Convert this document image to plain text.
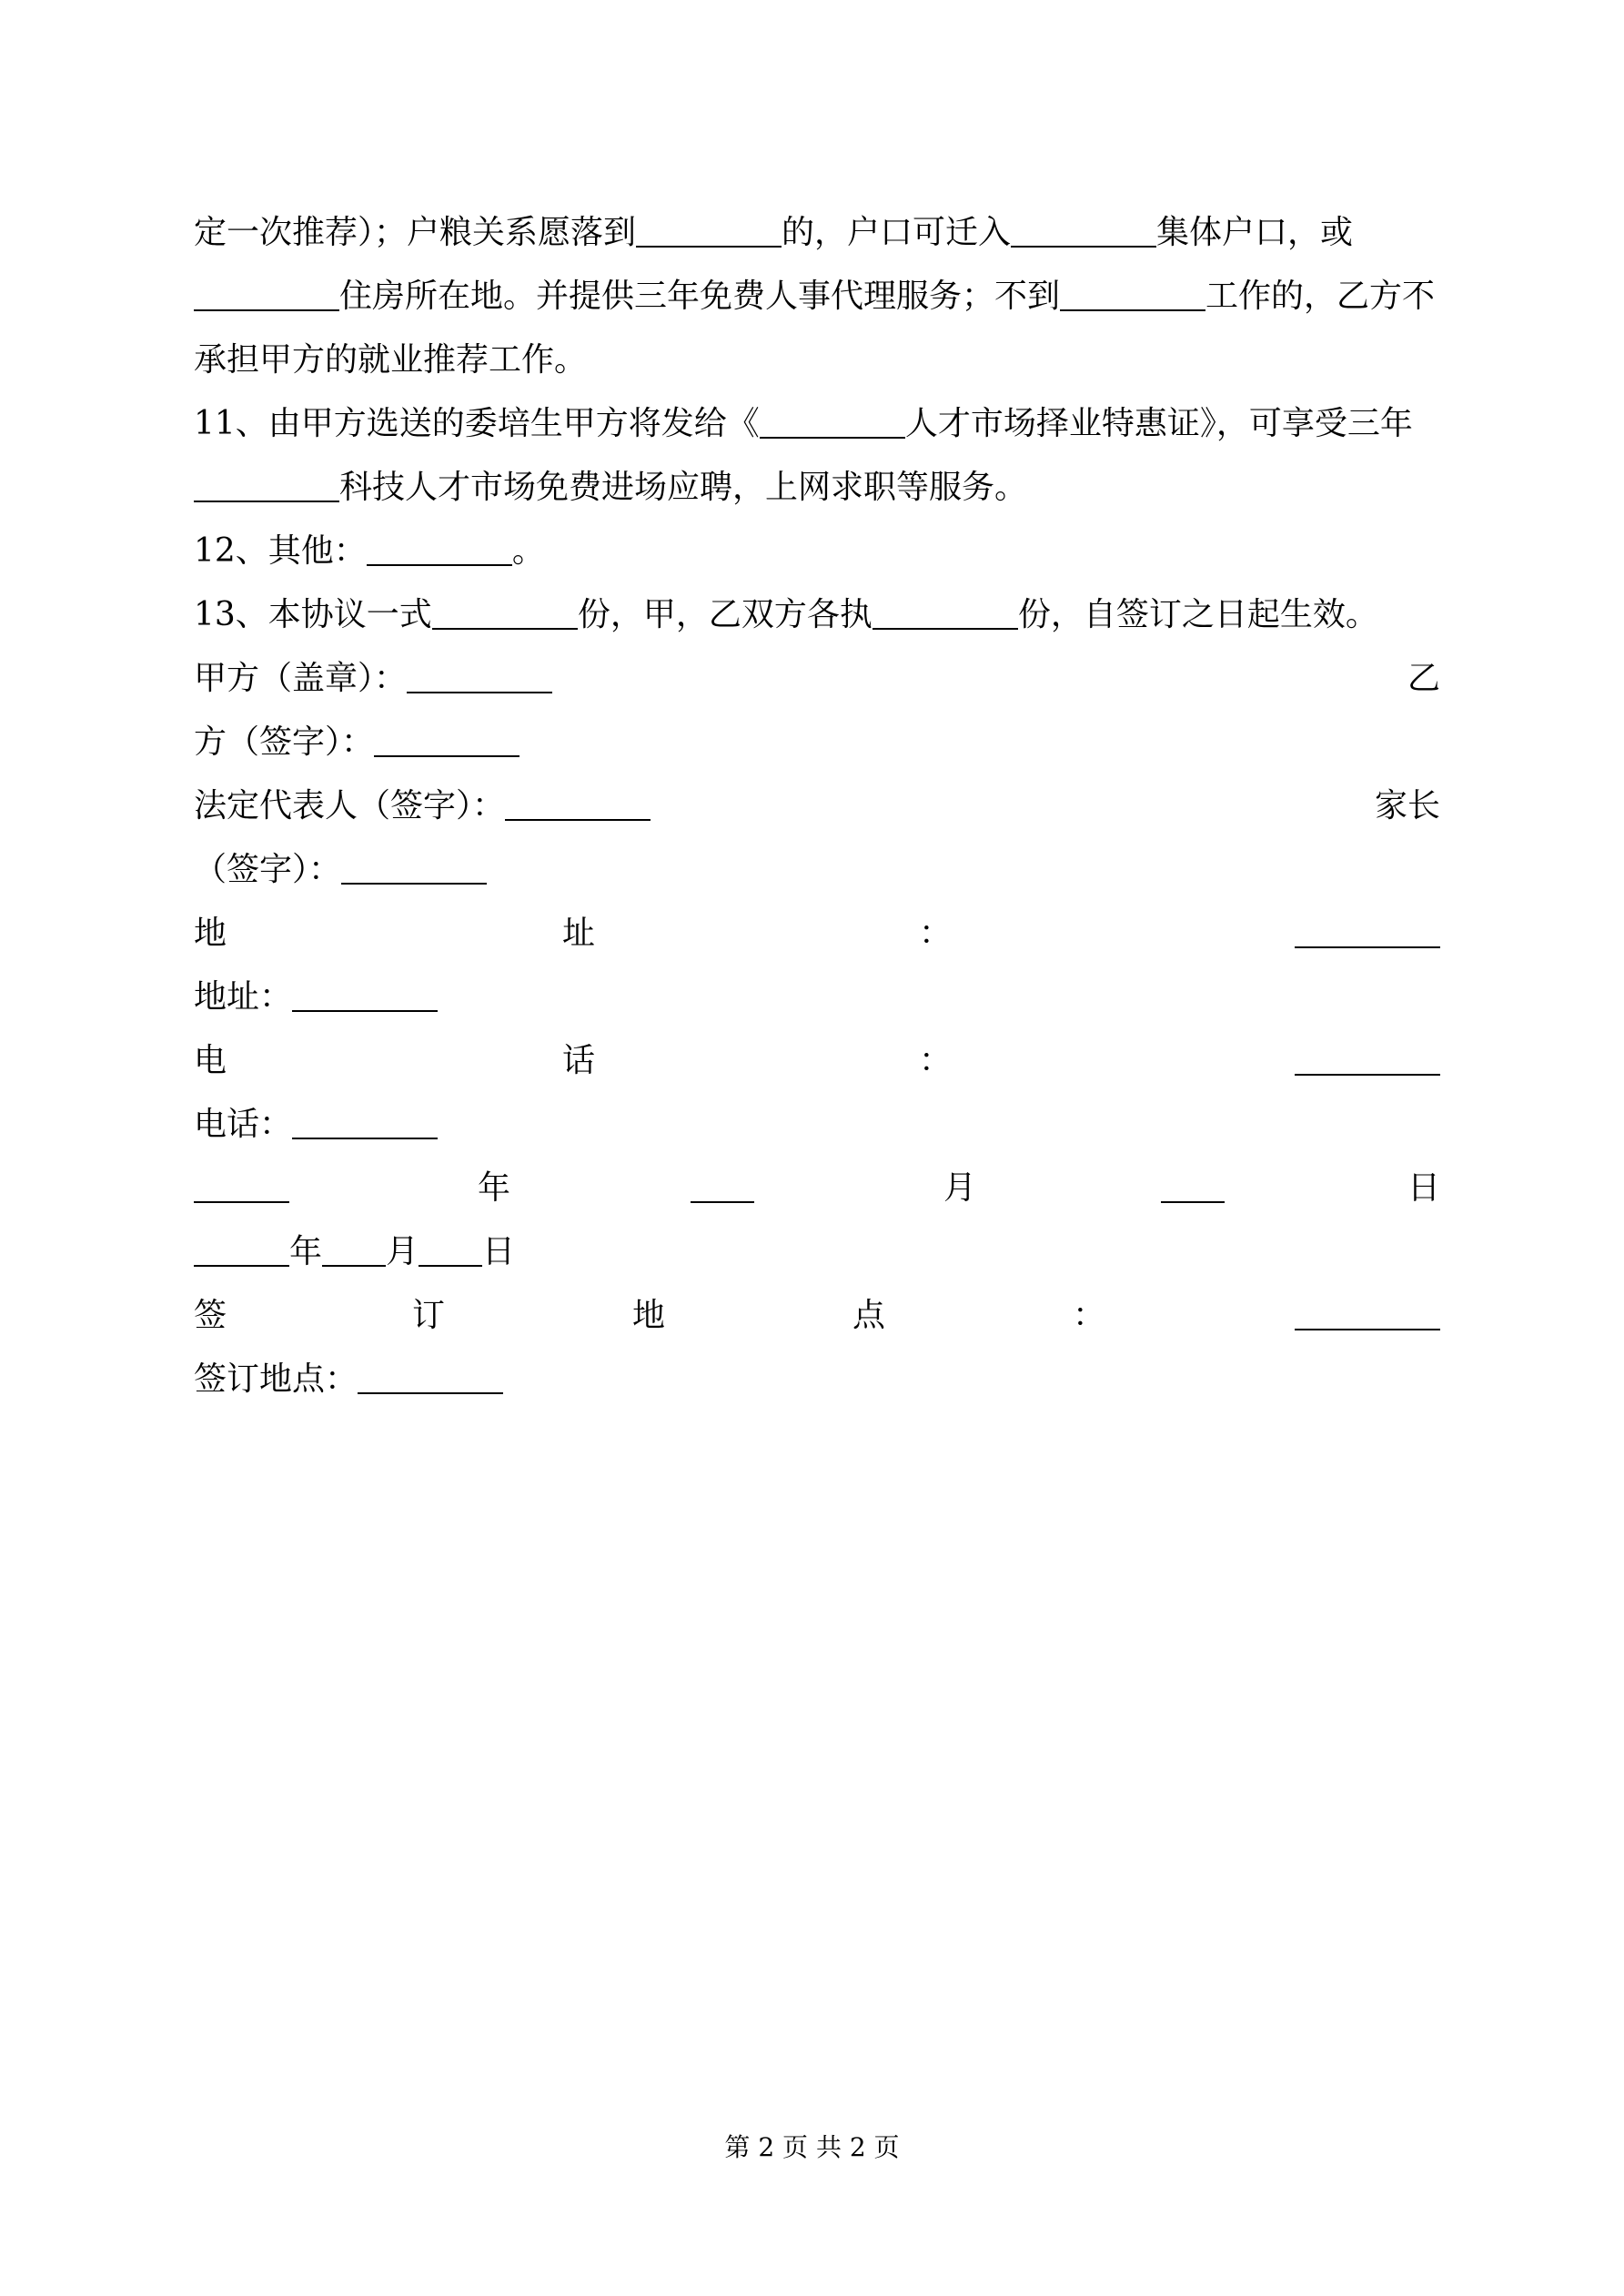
定一次推荐）；户粮关系愿落到	的，户口可迁入	集体户口，或
住房所在地。并提供三年免费人事代理服务；不到	工作的，乙方不
承担甲方的就业推荐工作。
11、由甲方选送的委培生甲方将发给《	人才市场择业特惠证》，可享受三年
科技人才市场免费进场应聘，上网求职等服务。
12、其他：	。
13、本协议一式	份，甲，乙双方各执	份，自签订之日起生效。
甲方（盖章）：	乙
方（签字）：
法定代表人（签字）：	家长
（签字）：
地	址	：
地址：
电	话	：
电话：
年	月	日
年 月 日
签	订	地	点	：
签订地点：
第 2 页 共 2 页
